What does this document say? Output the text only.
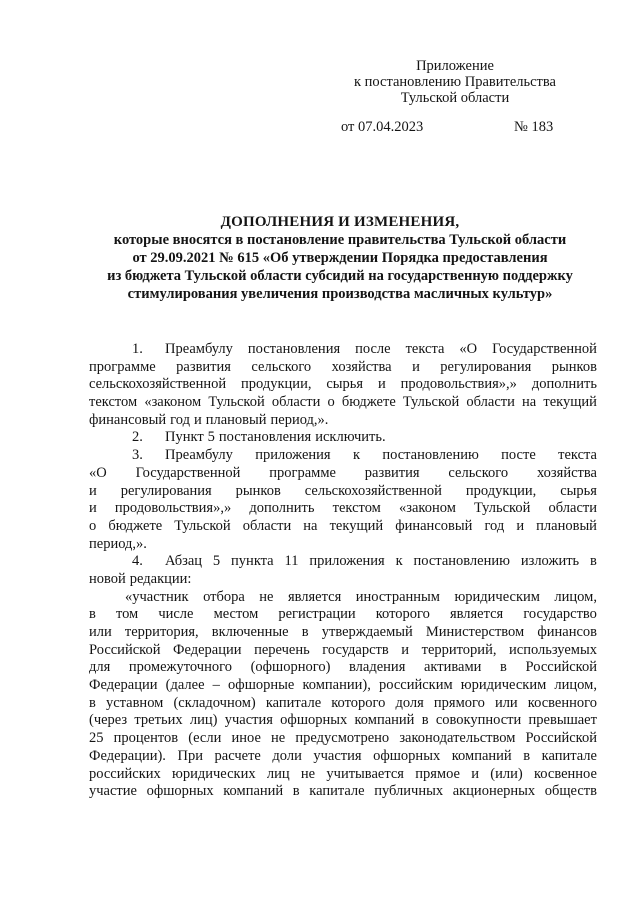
Приложение
к постановлению Правительства
Тульской области
от 07.04.2023	№ 183
ДОПОЛНЕНИЯ И ИЗМЕНЕНИЯ,
которые вносятся в постановление правительства Тульской области
от 29.09.2021 № 615 «Об утверждении Порядка предоставления
из бюджета Тульской области субсидий на государственную поддержку
стимулирования увеличения производства масличных культур»
1.	Преамбулу постановления после текста «О Государственной
программе развития сельского хозяйства и регулирования рынков
сельскохозяйственной продукции, сырья и продовольствия»,» дополнить
текстом «законом Тульской области о бюджете Тульской области на текущий
финансовый год и плановый период,».
2.	Пункт 5 постановления исключить.
3.	Преамбулу приложения к постановлению посте текста
«О Государственной программе развития сельского хозяйства
и регулирования рынков сельскохозяйственной продукции, сырья
и продовольствия»,» дополнить текстом «законом Тульской области
о бюджете Тульской области на текущий финансовый год и плановый
период,».
4.	Абзац 5 пункта 11 приложения к постановлению изложить в
новой редакции:
«участник отбора не является иностранным юридическим лицом,
в том числе местом регистрации которого является государство
или территория, включенные в утверждаемый Министерством финансов
Российской Федерации перечень государств и территорий, используемых
для промежуточного (офшорного) владения активами в Российской
Федерации (далее – офшорные компании), российским юридическим лицом,
в уставном (складочном) капитале которого доля прямого или косвенного
(через третьих лиц) участия офшорных компаний в совокупности превышает
25 процентов (если иное не предусмотрено законодательством Российской
Федерации). При расчете доли участия офшорных компаний в капитале
российских юридических лиц не учитывается прямое и (или) косвенное
участие офшорных компаний в капитале публичных акционерных обществ
